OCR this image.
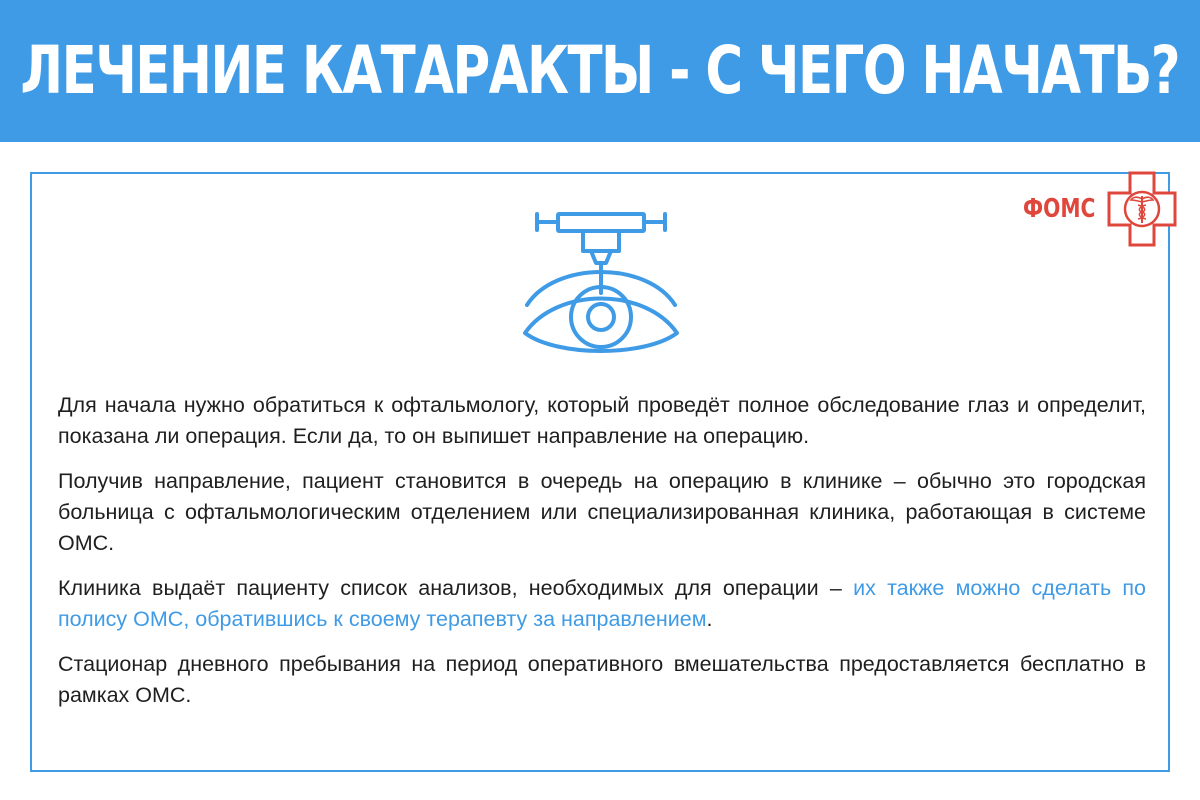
ЛЕЧЕНИЕ КАТАРАКТЫ - С ЧЕГО НАЧАТЬ?
ФОМС

Для начала нужно обратиться к офтальмологу, который проведёт полное обследование глаз и определит, показана ли операция. Если да, то он выпишет направление на операцию.

Получив направление, пациент становится в очередь на операцию в клинике – обычно это городская больница с офтальмологическим отделением или специализированная клиника, работающая в системе ОМС.

Клиника выдаёт пациенту список анализов, необходимых для операции – их также можно сделать по полису ОМС, обратившись к своему терапевту за направлением.

Стационар дневного пребывания на период оперативного вмешательства предоставляется бесплатно в рамках ОМС.
